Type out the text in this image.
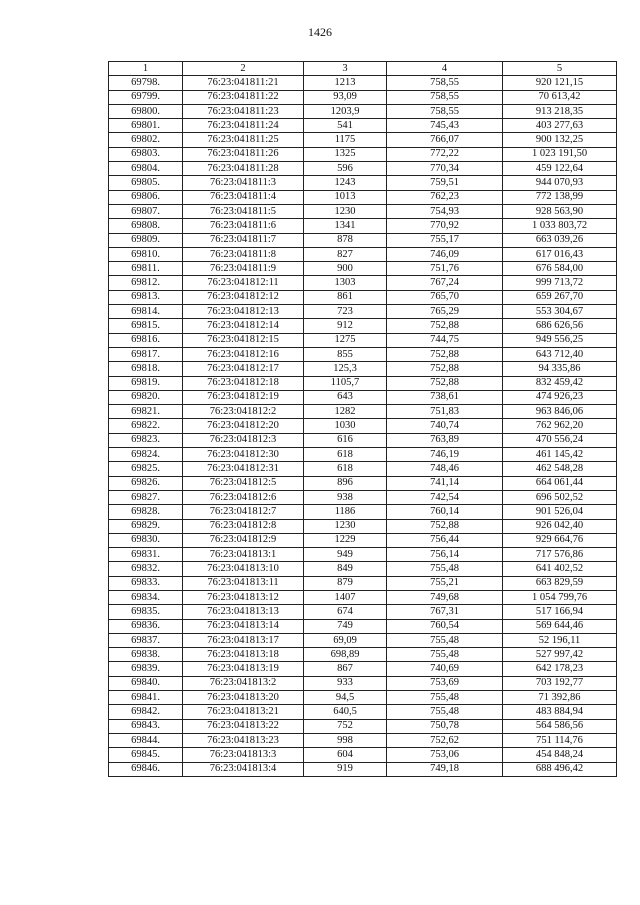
1426
1	2	3	4	5
69798.	76:23:041811:21	1213	758,55	920 121,15
69799.	76:23:041811:22	93,09	758,55	70 613,42
69800.	76:23:041811:23	1203,9	758,55	913 218,35
69801.	76:23:041811:24	541	745,43	403 277,63
69802.	76:23:041811:25	1175	766,07	900 132,25
69803.	76:23:041811:26	1325	772,22	1 023 191,50
69804.	76:23:041811:28	596	770,34	459 122,64
69805.	76:23:041811:3	1243	759,51	944 070,93
69806.	76:23:041811:4	1013	762,23	772 138,99
69807.	76:23:041811:5	1230	754,93	928 563,90
69808.	76:23:041811:6	1341	770,92	1 033 803,72
69809.	76:23:041811:7	878	755,17	663 039,26
69810.	76:23:041811:8	827	746,09	617 016,43
69811.	76:23:041811:9	900	751,76	676 584,00
69812.	76:23:041812:11	1303	767,24	999 713,72
69813.	76:23:041812:12	861	765,70	659 267,70
69814.	76:23:041812:13	723	765,29	553 304,67
69815.	76:23:041812:14	912	752,88	686 626,56
69816.	76:23:041812:15	1275	744,75	949 556,25
69817.	76:23:041812:16	855	752,88	643 712,40
69818.	76:23:041812:17	125,3	752,88	94 335,86
69819.	76:23:041812:18	1105,7	752,88	832 459,42
69820.	76:23:041812:19	643	738,61	474 926,23
69821.	76:23:041812:2	1282	751,83	963 846,06
69822.	76:23:041812:20	1030	740,74	762 962,20
69823.	76:23:041812:3	616	763,89	470 556,24
69824.	76:23:041812:30	618	746,19	461 145,42
69825.	76:23:041812:31	618	748,46	462 548,28
69826.	76:23:041812:5	896	741,14	664 061,44
69827.	76:23:041812:6	938	742,54	696 502,52
69828.	76:23:041812:7	1186	760,14	901 526,04
69829.	76:23:041812:8	1230	752,88	926 042,40
69830.	76:23:041812:9	1229	756,44	929 664,76
69831.	76:23:041813:1	949	756,14	717 576,86
69832.	76:23:041813:10	849	755,48	641 402,52
69833.	76:23:041813:11	879	755,21	663 829,59
69834.	76:23:041813:12	1407	749,68	1 054 799,76
69835.	76:23:041813:13	674	767,31	517 166,94
69836.	76:23:041813:14	749	760,54	569 644,46
69837.	76:23:041813:17	69,09	755,48	52 196,11
69838.	76:23:041813:18	698,89	755,48	527 997,42
69839.	76:23:041813:19	867	740,69	642 178,23
69840.	76:23:041813:2	933	753,69	703 192,77
69841.	76:23:041813:20	94,5	755,48	71 392,86
69842.	76:23:041813:21	640,5	755,48	483 884,94
69843.	76:23:041813:22	752	750,78	564 586,56
69844.	76:23:041813:23	998	752,62	751 114,76
69845.	76:23:041813:3	604	753,06	454 848,24
69846.	76:23:041813:4	919	749,18	688 496,42
